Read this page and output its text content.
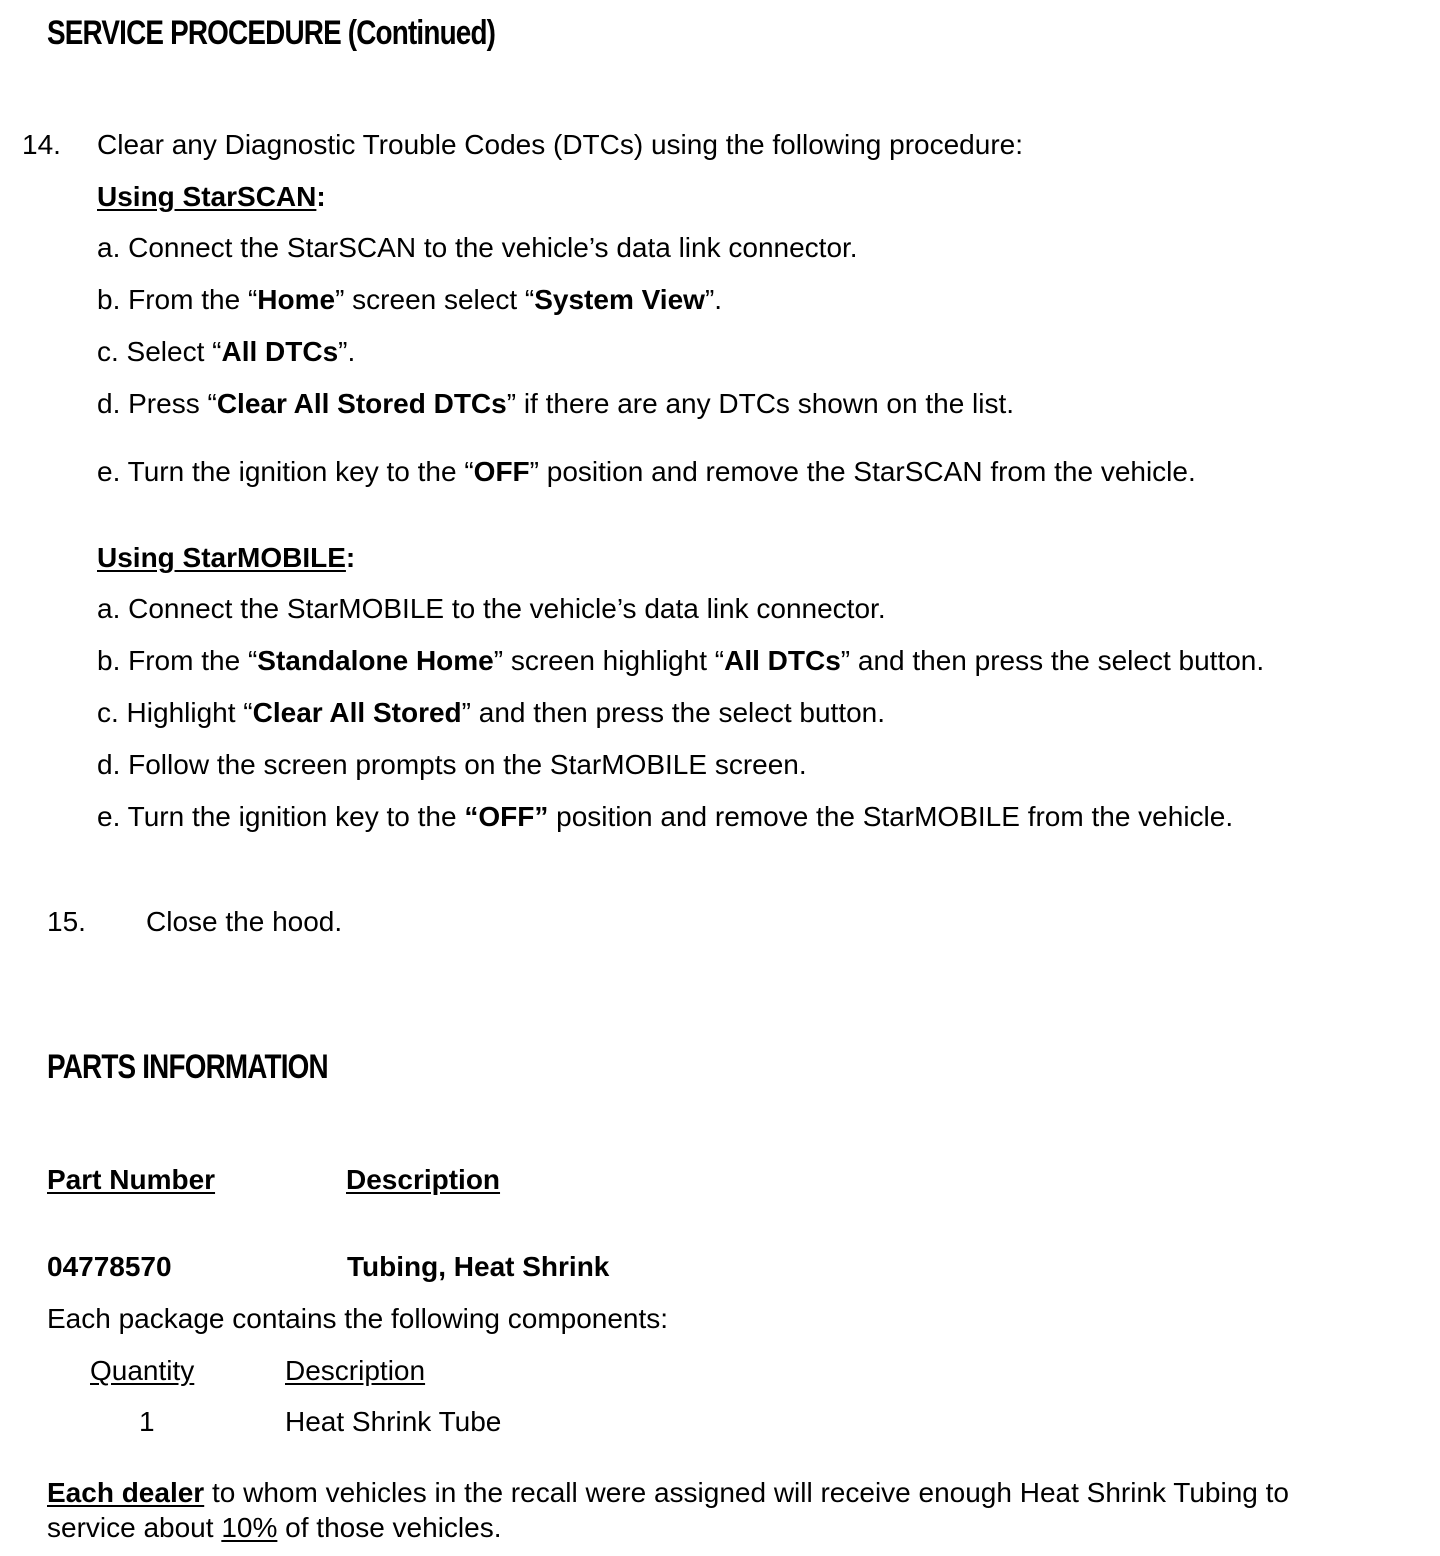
SERVICE PROCEDURE (Continued)
14. Clear any Diagnostic Trouble Codes (DTCs) using the following procedure:
Using StarSCAN:
a. Connect the StarSCAN to the vehicle’s data link connector.
b. From the “Home” screen select “System View”.
c. Select “All DTCs”.
d. Press “Clear All Stored DTCs” if there are any DTCs shown on the list.
e. Turn the ignition key to the “OFF” position and remove the StarSCAN from the vehicle.
Using StarMOBILE:
a. Connect the StarMOBILE to the vehicle’s data link connector.
b. From the “Standalone Home” screen highlight “All DTCs” and then press the select button.
c. Highlight “Clear All Stored” and then press the select button.
d. Follow the screen prompts on the StarMOBILE screen.
e. Turn the ignition key to the “OFF” position and remove the StarMOBILE from the vehicle.
15. Close the hood.
PARTS INFORMATION
Part Number	Description
04778570	Tubing, Heat Shrink
Each package contains the following components:
Quantity	Description
1	Heat Shrink Tube
Each dealer to whom vehicles in the recall were assigned will receive enough Heat Shrink Tubing to
service about 10% of those vehicles.
